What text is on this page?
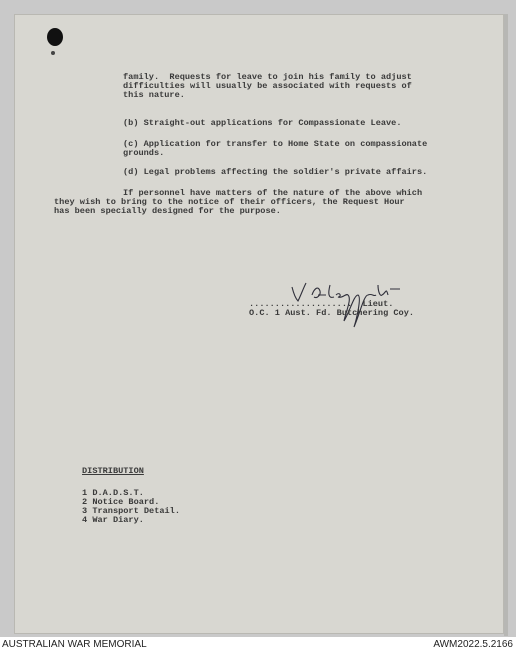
family.  Requests for leave to join his family to adjust
difficulties will usually be associated with requests of
this nature.
(b) Straight-out applications for Compassionate Leave.
(c) Application for transfer to Home State on compassionate
grounds.
(d) Legal problems affecting the soldier's private affairs.
If personnel have matters of the nature of the above which
they wish to bring to the notice of their officers, the Request Hour
has been specially designed for the purpose.
....................  Lieut.
O.C. 1 Aust. Fd. Butchering Coy.
DISTRIBUTION
1 D.A.D.S.T.
2 Notice Board.
3 Transport Detail.
4 War Diary.
AUSTRALIAN WAR MEMORIAL	AWM2022.5.2166
